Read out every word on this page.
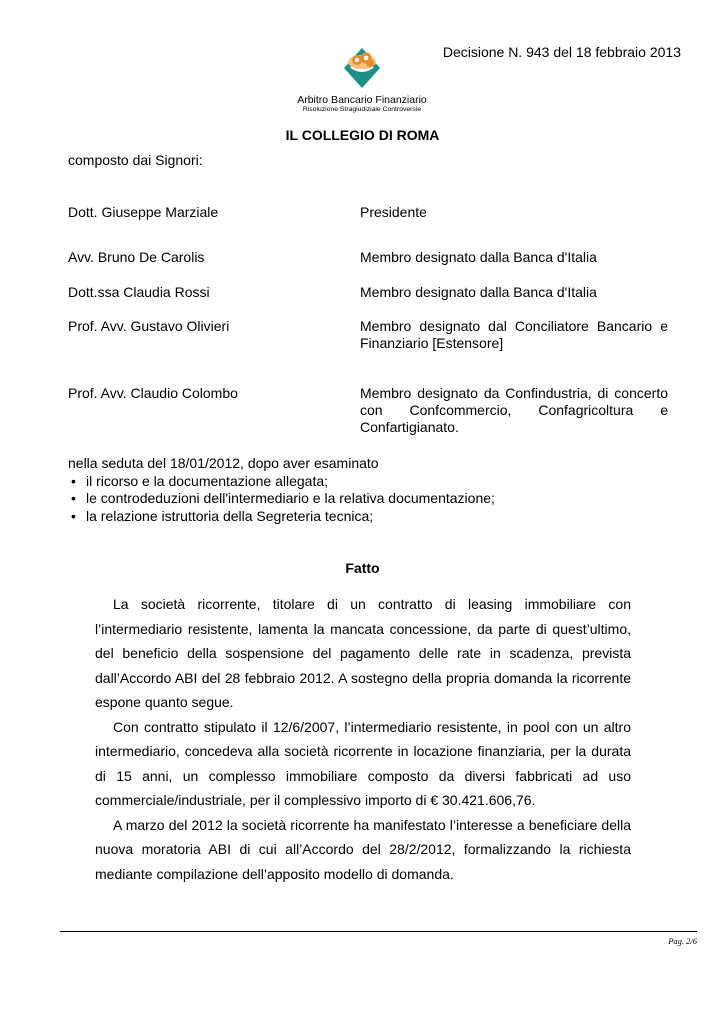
Decisione N. 943 del 18 febbraio 2013
Arbitro Bancario Finanziario
Risoluzione Stragiudiziale Controversie
IL COLLEGIO DI ROMA
composto dai Signori:
Dott. Giuseppe Marziale	Presidente
Avv. Bruno De Carolis	Membro designato dalla Banca d'Italia
Dott.ssa Claudia Rossi	Membro designato dalla Banca d'Italia
Prof. Avv. Gustavo Olivieri	Membro designato dal Conciliatore Bancario e Finanziario [Estensore]
Prof. Avv. Claudio Colombo	Membro designato da Confindustria, di concerto con Confcommercio, Confagricoltura e Confartigianato.
nella seduta del 18/01/2012, dopo aver esaminato
• il ricorso e la documentazione allegata;
• le controdeduzioni dell'intermediario e la relativa documentazione;
• la relazione istruttoria della Segreteria tecnica;
Fatto

La società ricorrente, titolare di un contratto di leasing immobiliare con l’intermediario resistente, lamenta la mancata concessione, da parte di quest’ultimo, del beneficio della sospensione del pagamento delle rate in scadenza, prevista dall’Accordo ABI del 28 febbraio 2012. A sostegno della propria domanda la ricorrente espone quanto segue.

Con contratto stipulato il 12/6/2007, l’intermediario resistente, in pool con un altro intermediario, concedeva alla società ricorrente in locazione finanziaria, per la durata di 15 anni, un complesso immobiliare composto da diversi fabbricati ad uso commerciale/industriale, per il complessivo importo di € 30.421.606,76.

A marzo del 2012 la società ricorrente ha manifestato l’interesse a beneficiare della nuova moratoria ABI di cui all’Accordo del 28/2/2012, formalizzando la richiesta mediante compilazione dell’apposito modello di domanda.

Pag. 2/6
